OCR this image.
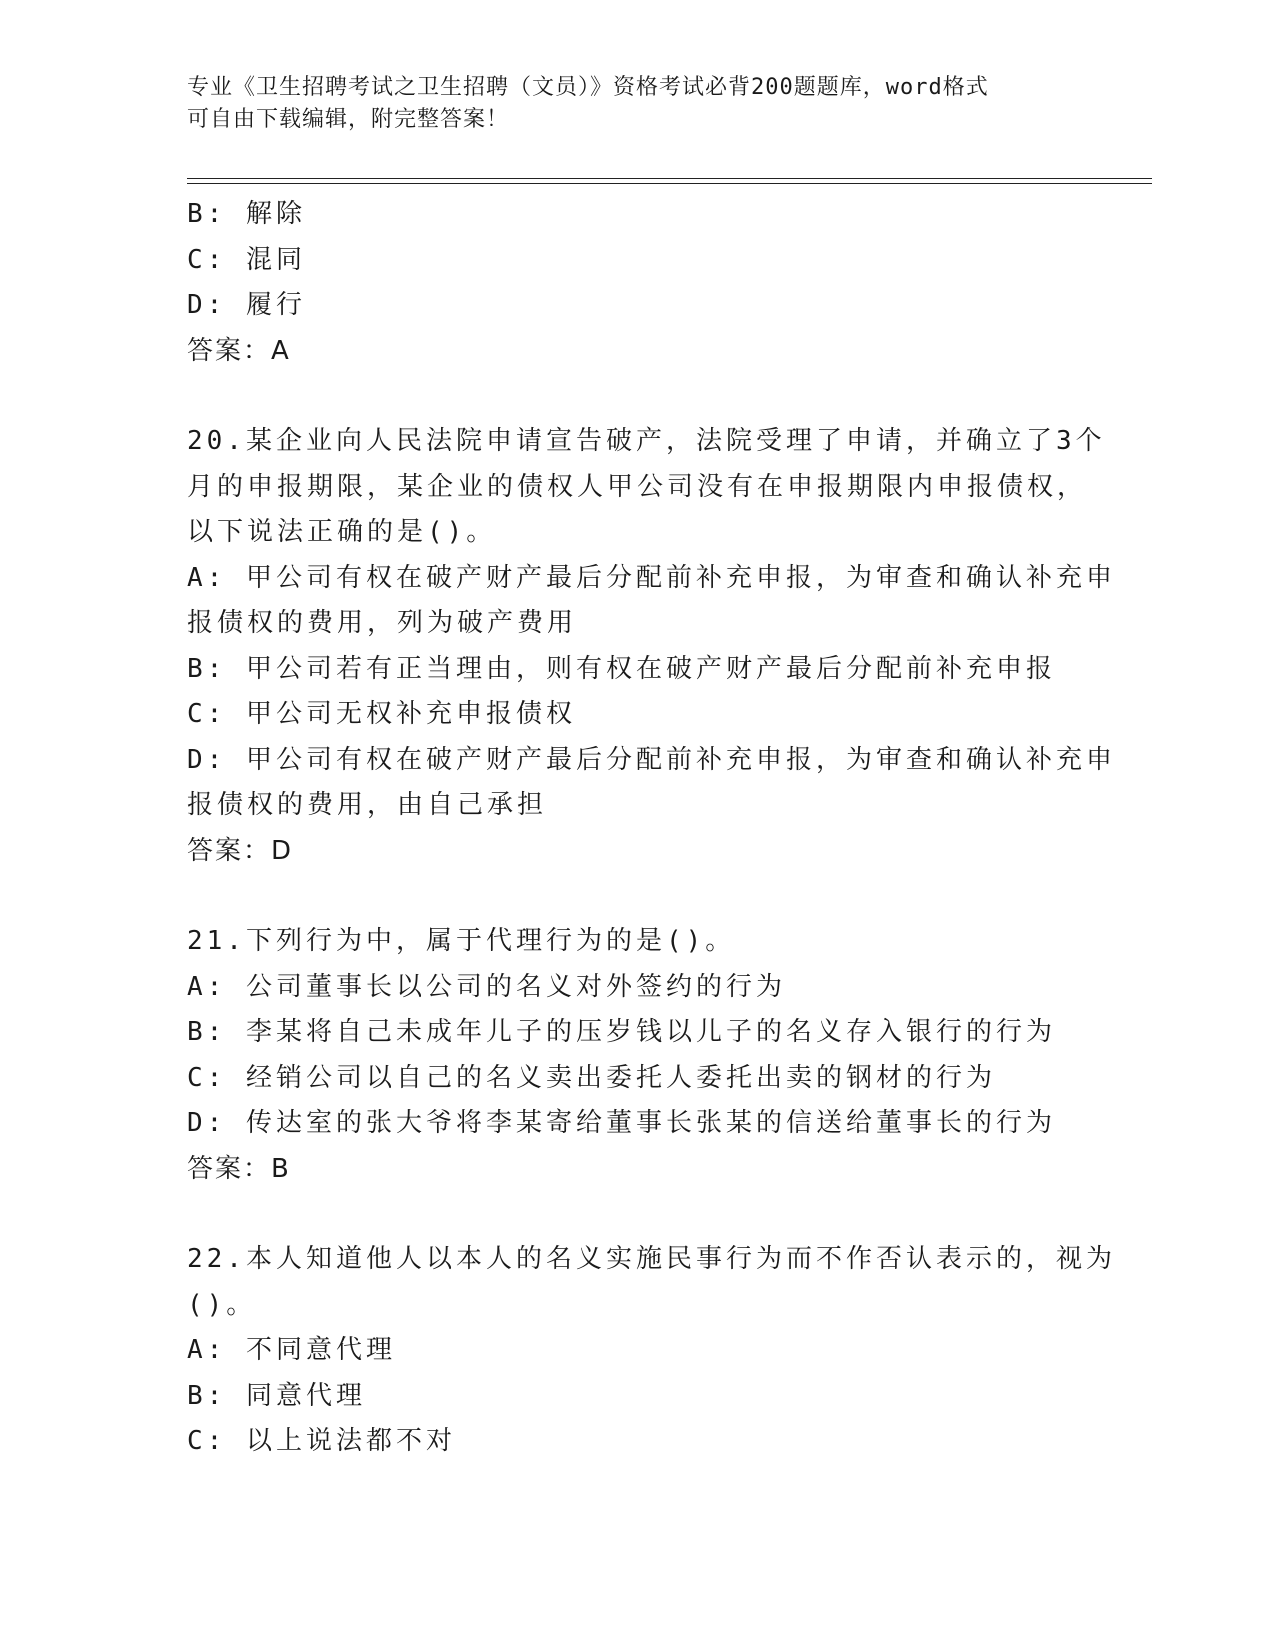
专业《卫生招聘考试之卫生招聘（文员）》资格考试必背200题题库，word格式
可自由下载编辑，附完整答案！
B: 解除
C: 混同
D: 履行
答案：A
20.某企业向人民法院申请宣告破产，法院受理了申请，并确立了3个
月的申报期限，某企业的债权人甲公司没有在申报期限内申报债权，
以下说法正确的是()。
A: 甲公司有权在破产财产最后分配前补充申报，为审查和确认补充申
报债权的费用，列为破产费用
B: 甲公司若有正当理由，则有权在破产财产最后分配前补充申报
C: 甲公司无权补充申报债权
D: 甲公司有权在破产财产最后分配前补充申报，为审查和确认补充申
报债权的费用，由自己承担
答案：D
21.下列行为中，属于代理行为的是()。
A: 公司董事长以公司的名义对外签约的行为
B: 李某将自己未成年儿子的压岁钱以儿子的名义存入银行的行为
C: 经销公司以自己的名义卖出委托人委托出卖的钢材的行为
D: 传达室的张大爷将李某寄给董事长张某的信送给董事长的行为
答案：B
22.本人知道他人以本人的名义实施民事行为而不作否认表示的，视为
()。
A: 不同意代理
B: 同意代理
C: 以上说法都不对
